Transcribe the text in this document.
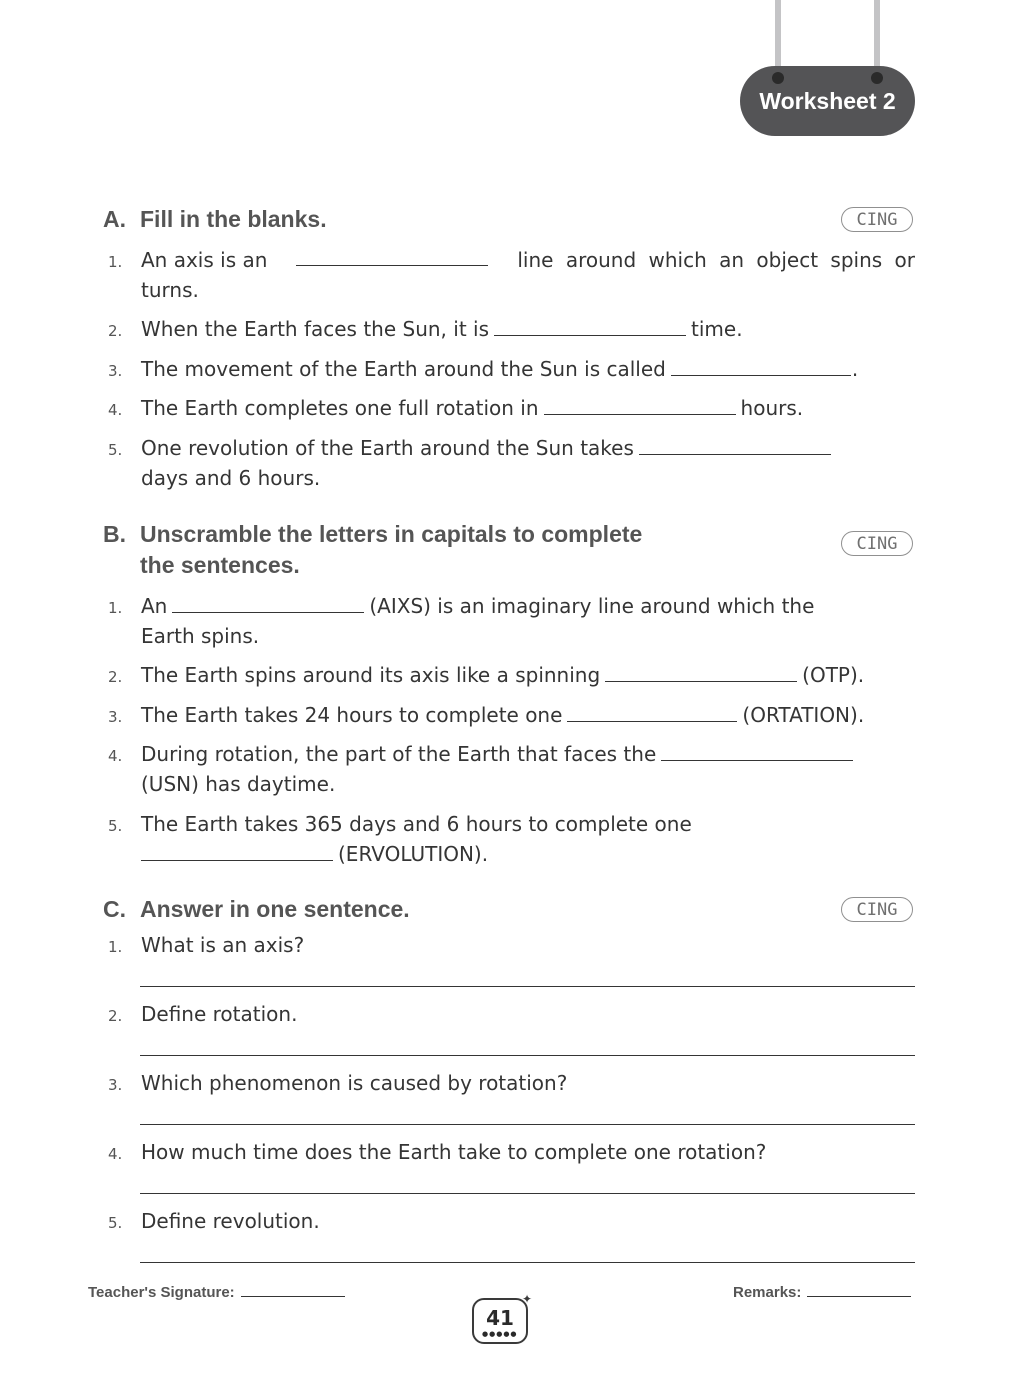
Worksheet 2
A. Fill in the blanks.	CING
1. An axis is an	line around which an object spins or
turns.
2. When the Earth faces the Sun, it is	time.
3. The movement of the Earth around the Sun is called	.
4. The Earth completes one full rotation in	hours.
5. One revolution of the Earth around the Sun takes
days and 6 hours.
B. Unscramble the letters in capitals to complete
the sentences.
CING
1. An	(AIXS) is an imaginary line around which the
Earth spins.
2. The Earth spins around its axis like a spinning	(OTP).
3. The Earth takes 24 hours to complete one	(ORTATION).
4. During rotation, the part of the Earth that faces the
(USN) has daytime.
5. The Earth takes 365 days and 6 hours to complete one
(ERVOLUTION).
C. Answer in one sentence.	CING
1. What is an axis?
2. Define rotation.
3. Which phenomenon is caused by rotation?
4. How much time does the Earth take to complete one rotation?
5. Define revolution.
Teacher's Signature:	Remarks:
41
●●●●●
✦
